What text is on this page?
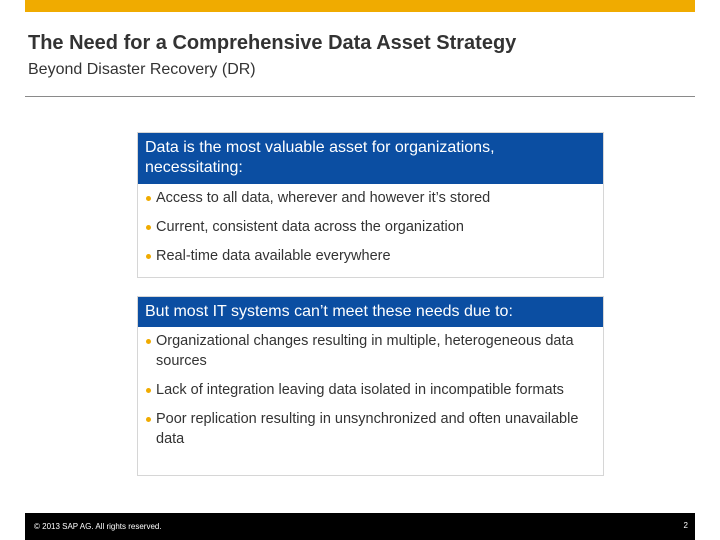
The Need for a Comprehensive Data Asset Strategy
Beyond Disaster Recovery (DR)
Data is the most valuable asset for organizations, necessitating:
Access to all data, wherever and however it’s stored
Current, consistent data across the organization
Real-time data available everywhere
But most IT systems can’t meet these needs due to:
Organizational changes resulting in multiple, heterogeneous data sources
Lack of integration leaving data isolated in incompatible formats
Poor replication resulting in unsynchronized and often unavailable data
© 2013 SAP AG. All rights reserved.	2
